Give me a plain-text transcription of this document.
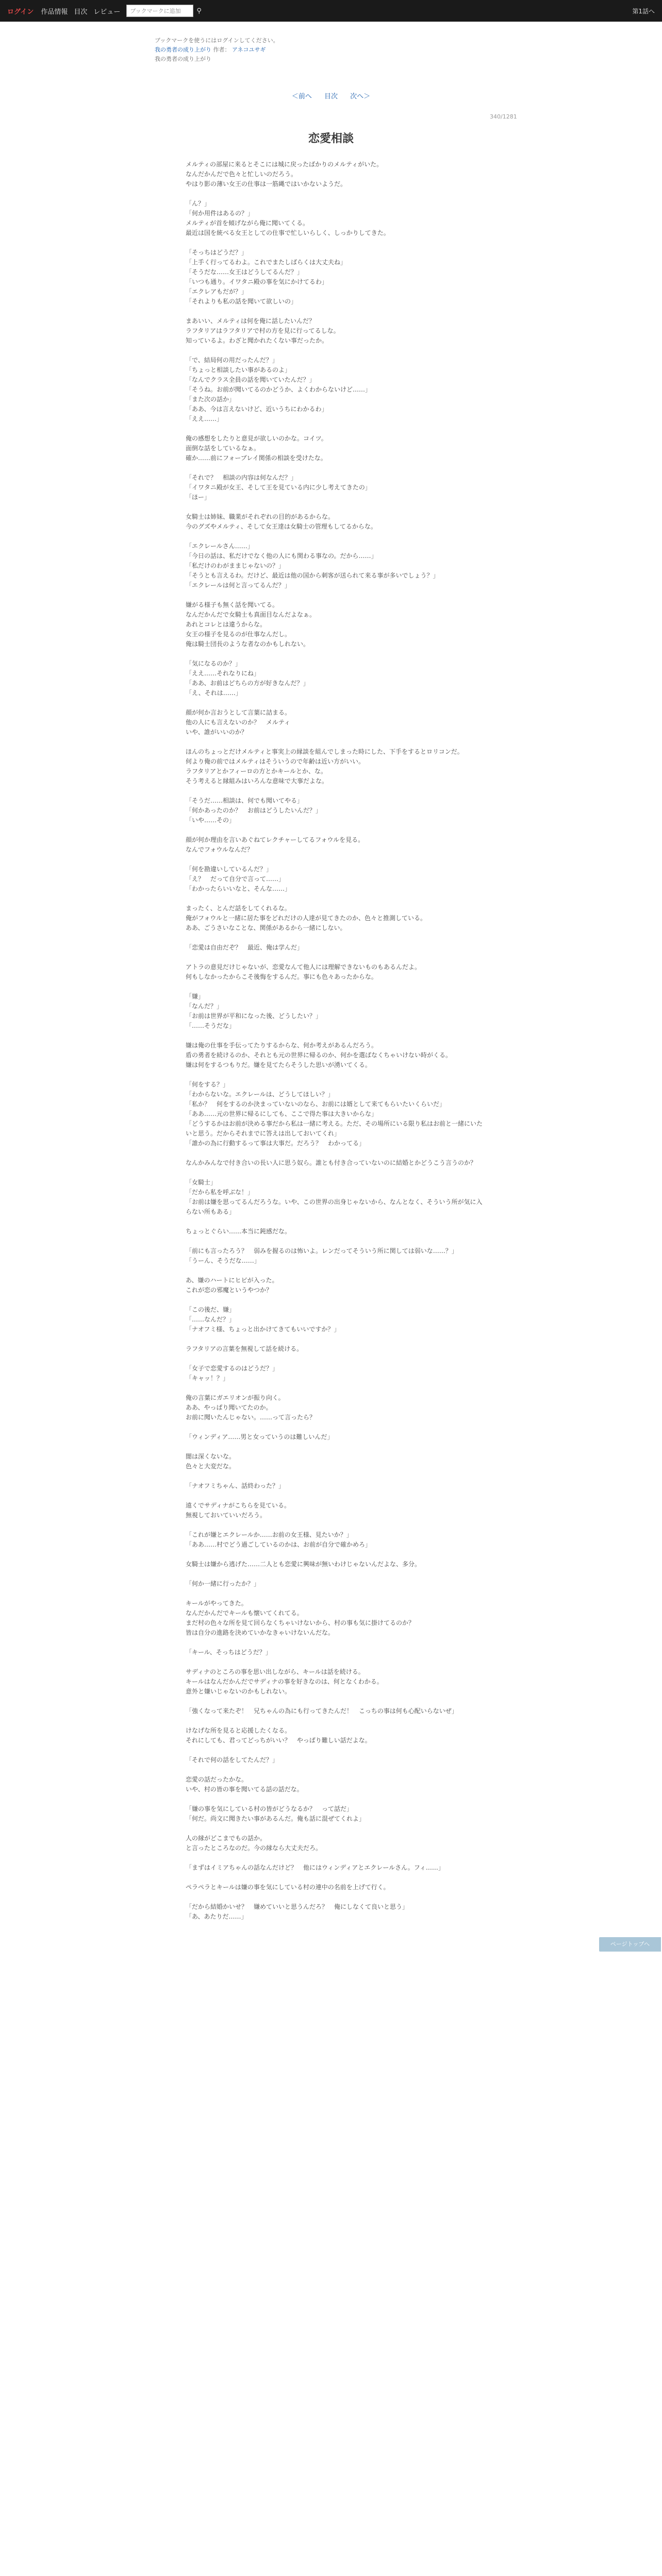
ログイン 作品情報 目次 レビュー	ブックマークに追加	⚲	第1話へ
ブックマークを使うにはログインしてください。
我の勇者の成り上がり 作者： アネコユサギ
我の勇者の成り上がり
＜前へ 目次 次へ＞
340/1281
恋愛相談

メルティの部屋に来るとそこには城に戻ったばかりのメルティがいた。

なんだかんだで色々と忙しいのだろう。

やはり影の薄い女王の仕事は一筋縄ではいかないようだ。

「ん？」

「何か用件はあるの？」

メルティが首を傾げながら俺に聞いてくる。

最近は国を統べる女王としての仕事で忙しいらしく、しっかりしてきた。

「そっちはどうだ？」

「上手く行ってるわよ。これでまたしばらくは大丈夫ね」

「そうだな……女王はどうしてるんだ？」

「いつも通り。イワタニ殿の事を気にかけてるわ」

「エクレアもだが？」

「それよりも私の話を聞いて欲しいの」

まあいい、メルティは何を俺に話したいんだ？

ラフタリアはラフタリアで村の方を見に行ってるしな。

知っているよ。わざと聞かれたくない事だったか。

「で、結局何の用だったんだ？」

「ちょっと相談したい事があるのよ」

「なんでクラス全員の話を聞いていたんだ？」

「そうね。お前が聞いてるのかどうか、よくわからないけど……」

「また次の話か」

「ああ、今は言えないけど、近いうちにわかるわ」

「ええ……」

俺の感想をしたりと意見が欲しいのかな。コイツ。

面倒な話をしているなぁ。

確か……前にフォーブレイ関係の相談を受けたな。

「それで？　相談の内容は何なんだ？」

「イワタニ殿が女王、そして王を見ている内に少し考えてきたの」

「ほー」

女騎士は姉妹、職業がそれぞれの目的があるからな。

今のグズやメルティ、そして女王達は女騎士の管理もしてるからな。

「エクレールさん……」

「今日の話は、私だけでなく他の人にも関わる事なの。だから……」

「私だけのわがままじゃないの？」

「そうとも言えるわ。だけど、最近は他の国から刺客が送られて来る事が多いでしょう？」

「エクレールは何と言ってるんだ？」

嫌がる様子も無く話を聞いてる。

なんだかんだで女騎士も真面目なんだよなぁ。

あれとコレとは違うからな。

女王の様子を見るのが仕事なんだし。

俺は騎士団長のような者なのかもしれない。

「気になるのか？」

「ええ……それなりにね」

「ああ、お前はどちらの方が好きなんだ？」

「え、それは……」

顔が何か言おうとして言葉に詰まる。

他の人にも言えないのか？　メルティ

いや、誰がいいのか？

ほんのちょっとだけメルティと事実上の縁談を組んでしまった時にした、下手をするとロリコンだ。

何より俺の前ではメルティはそういうので年齢は近い方がいい。

ラフタリアとかフィーロの方とかキールとか、な。

そう考えると縁組みはいろんな意味で大事だよな。

「そうだ……相談は、何でも聞いてやる」

「何かあったのか？　お前はどうしたいんだ？」

「いや……その」

顔が何か理由を言いあぐねてレクチャーしてるフォウルを見る。

なんでフォウルなんだ？

「何を勘違いしているんだ？」

「え？　だって自分で言って……」

「わかったらいいなと、そんな……」

まったく、とんだ話をしてくれるな。

俺がフォウルと一緒に居た事をどれだけの人達が見てきたのか、色々と推測している。

ああ、ごうさいなことな、関係があるから一緒にしない。

「恋愛は自由だぞ？　最近、俺は学んだ」

アトラの意見だけじゃないが、恋愛なんて他人には理解できないものもあるんだよ。

何もしなかったからこそ後悔をするんだ。事にも色々あったからな。

「嫌」

「なんだ？」

「お前は世界が平和になった後、どうしたい？」

「……そうだな」

嫌は俺の仕事を手伝ってたりするからな、何か考えがあるんだろう。

盾の勇者を続けるのか、それとも元の世界に帰るのか、何かを選ばなくちゃいけない時がくる。

嫌は何をするつもりだ。嫌を見てたらそうした思いが湧いてくる。

「何をする？」

「わからないな。エクレールは、どうしてほしい？」

「私か？　何をするのか決まっていないのなら、お前には婿として来てもらいたいくらいだ」

「ああ……元の世界に帰るにしても、ここで得た事は大きいからな」

「どうするかはお前が決める事だから私は一緒に考える。ただ、その場所にいる限り私はお前と一緒にいたいと思う。だからそれまでに答えは出しておいてくれ」

「誰かの為に行動するって事は大事だ。だろう？　わかってる」

なんかみんなで付き合いの長い人に思う奴ら。誰とも付き合っていないのに結婚とかどうこう言うのか？

「女騎士」

「だから私を呼ぶな！」

「お前は嫌を思ってるんだろうな。いや、この世界の出身じゃないから、なんとなく、そういう所が気に入らない所もある」

ちょっとぐらい……本当に鈍感だな。

「前にも言ったろう？　弱みを握るのは怖いよ。レンだってそういう所に関しては弱いな……？」

「うーん、そうだな……」

あ、嫌のハートにヒビが入った。

これが恋の邪魔というやつか？

「この後だ、嫌」

「……なんだ？」

「ナオフミ様、ちょっと出かけてきてもいいですか？」

ラフタリアの言葉を無視して話を続ける。

「女子で恋愛するのはどうだ？」

「キャッ！？」

俺の言葉にガエリオンが振り向く。

ああ、やっぱり聞いてたのか。

お前に聞いたんじゃない。……って言ったら？

「ウィンディア……男と女っていうのは難しいんだ」

闇は深くないな。

色々と大変だな。

「ナオフミちゃん、話終わった？」

遠くでサディナがこちらを見ている。

無視しておいていいだろう。

「これが嫌とエクレールか……お前の女王様、見たいか？」

「ああ……村でどう過ごしているのかは、お前が自分で確かめろ」

女騎士は嫌から逃げた……二人とも恋愛に興味が無いわけじゃないんだよな、多分。

「何か一緒に行ったか？」

キールがやってきた。

なんだかんだでキールも懐いてくれてる。

まだ村の色々な所を見て回らなくちゃいけないから、村の事も気に掛けてるのか？

皆は自分の進路を決めていかなきゃいけないんだな。

「キール、そっちはどうだ？」

サディナのところの事を思い出しながら、キールは話を続ける。

キールはなんだかんだでサディナの事を好きなのは、何となくわかる。

意外と嫌いじゃないのかもしれない。

「強くなって来たぞ！　兄ちゃんの為にも行ってきたんだ！　こっちの事は何も心配いらないぜ」

けなげな所を見ると応援したくなる。

それにしても、君ってどっちがいい？　やっぱり難しい話だよな。

「それで何の話をしてたんだ？」

恋愛の話だったかな。

いや、村の皆の事を聞いてる話の話だな。

「嫌の事を気にしている村の皆がどうなるか？　って話だ」

「何だ。尚文に聞きたい事があるんだ。俺も話に混ぜてくれよ」

人の縁がどこまでもの話か。

と言ったところなのだ。今の縁なら大丈夫だろ。

「まずはイミアちゃんの話なんだけど？　他にはウィンディアとエクレールさん。フィ……」

ペラペラとキールは嫌の事を気にしている村の連中の名前を上げて行く。

「だから結婚かいせ？　嫌めていいと思うんだろ？　俺にしなくて良いと思う」

「あ、あたりだ……」

ページトップへ
